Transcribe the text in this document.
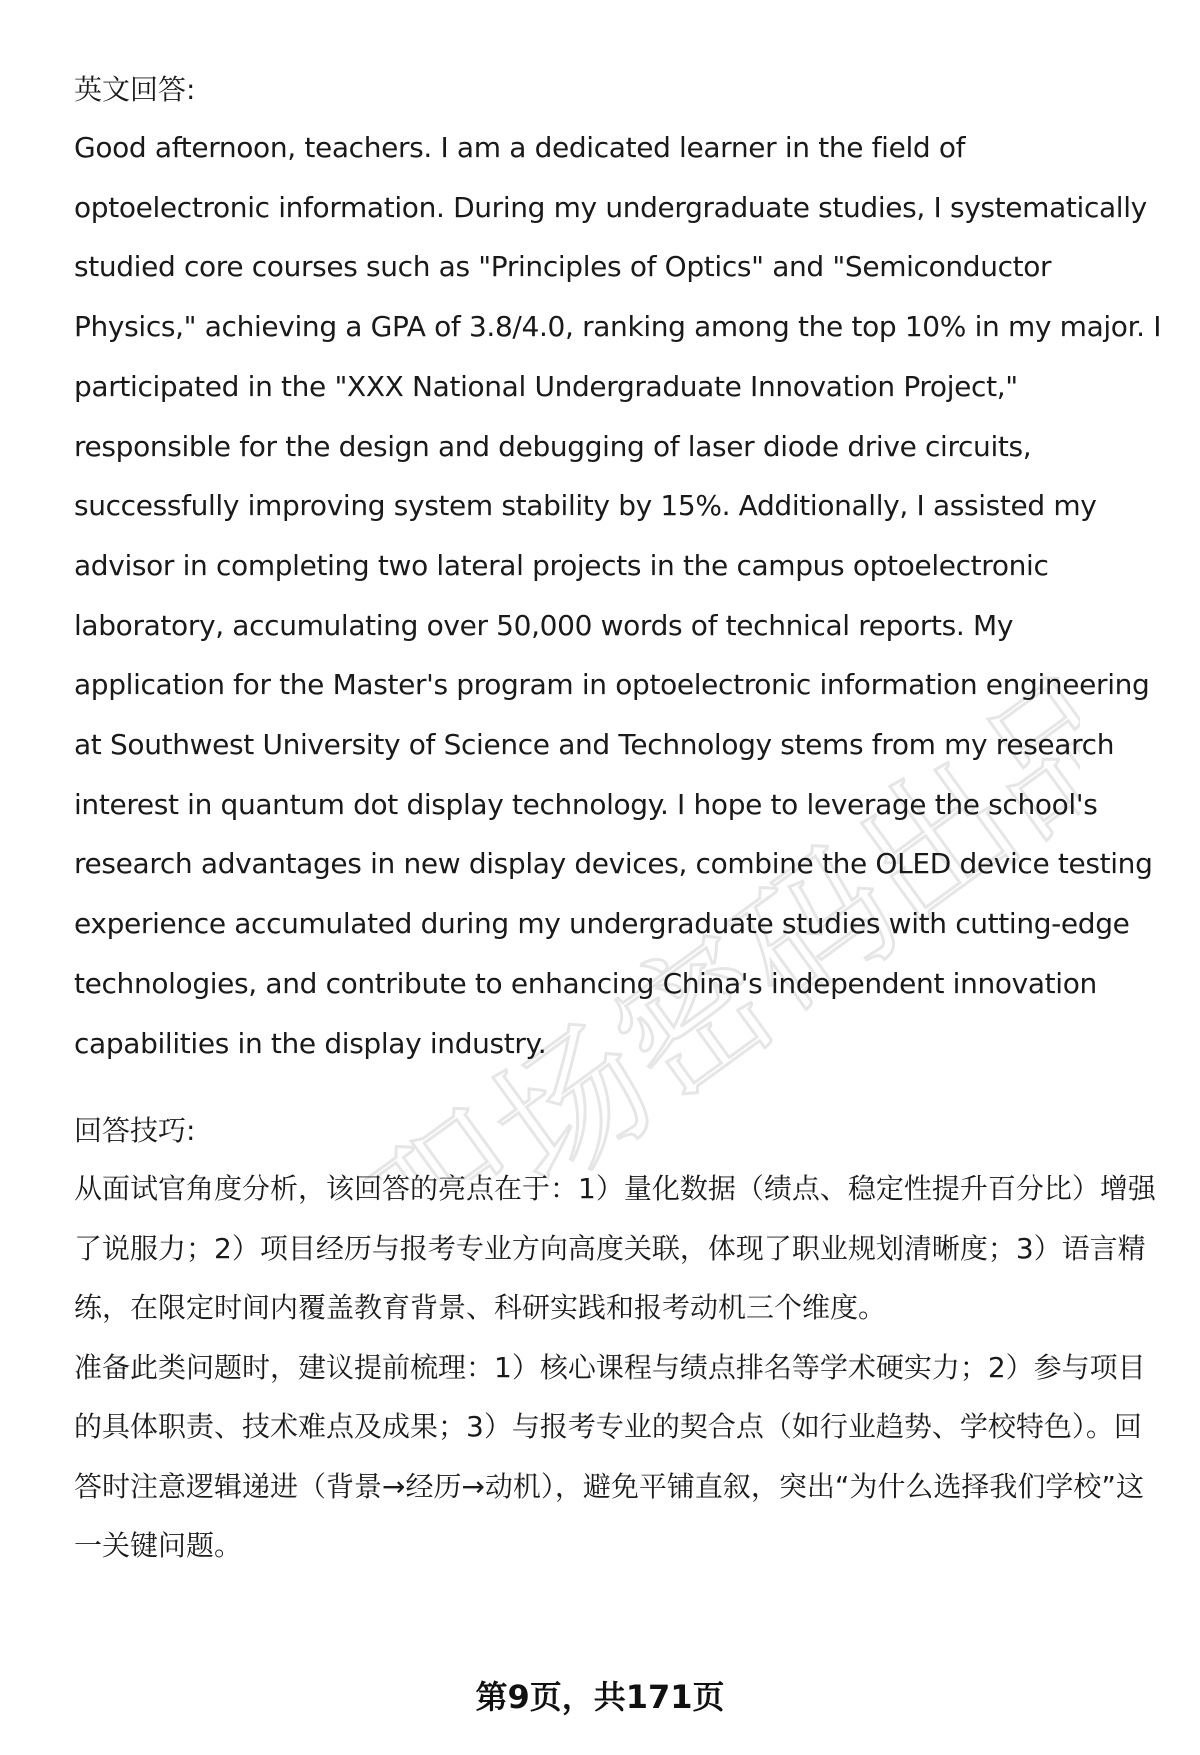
职场密码出品
英文回答:

Good afternoon, teachers. I am a dedicated learner in the field of optoelectronic information. During my undergraduate studies, I systematically studied core courses such as "Principles of Optics" and "Semiconductor Physics," achieving a GPA of 3.8/4.0, ranking among the top 10% in my major. I participated in the "XXX National Undergraduate Innovation Project," responsible for the design and debugging of laser diode drive circuits, successfully improving system stability by 15%. Additionally, I assisted my advisor in completing two lateral projects in the campus optoelectronic laboratory, accumulating over 50,000 words of technical reports. My application for the Master's program in optoelectronic information engineering at Southwest University of Science and Technology stems from my research interest in quantum dot display technology. I hope to leverage the school's research advantages in new display devices, combine the OLED device testing experience accumulated during my undergraduate studies with cutting-edge technologies, and contribute to enhancing China's independent innovation capabilities in the display industry.

回答技巧:

从面试官角度分析，该回答的亮点在于：1）量化数据（绩点、稳定性提升百分比）增强了说服力；2）项目经历与报考专业方向高度关联，体现了职业规划清晰度；3）语言精练，在限定时间内覆盖教育背景、科研实践和报考动机三个维度。

准备此类问题时，建议提前梳理：1）核心课程与绩点排名等学术硬实力；2）参与项目的具体职责、技术难点及成果；3）与报考专业的契合点（如行业趋势、学校特色）。回答时注意逻辑递进（背景→经历→动机），避免平铺直叙，突出“为什么选择我们学校”这一关键问题。

第9页，共171页
